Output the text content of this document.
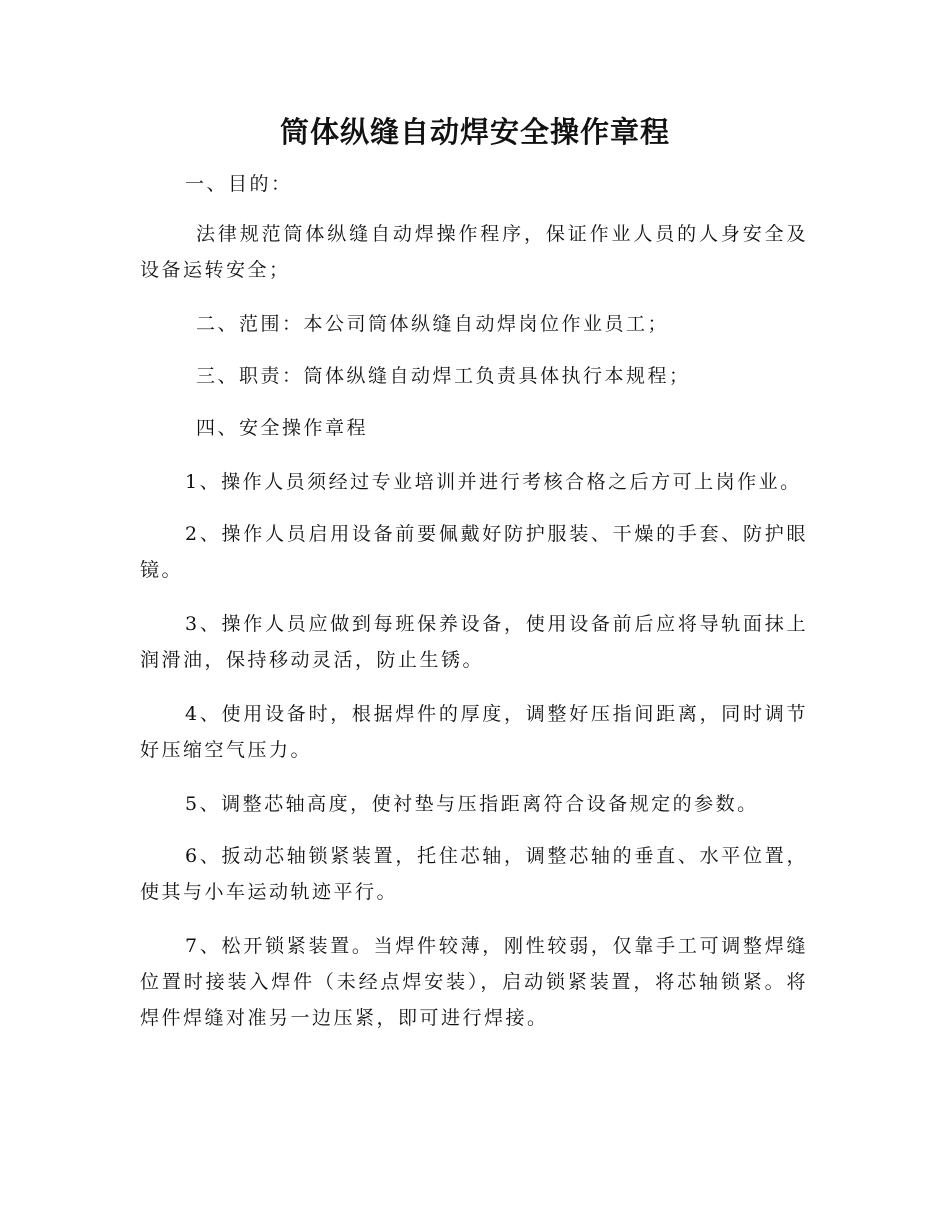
筒体纵缝自动焊安全操作章程

一、目的：

法律规范筒体纵缝自动焊操作程序，保证作业人员的人身安全及设备运转安全；

二、范围：本公司筒体纵缝自动焊岗位作业员工；

三、职责：筒体纵缝自动焊工负责具体执行本规程；

四、安全操作章程

1、操作人员须经过专业培训并进行考核合格之后方可上岗作业。

2、操作人员启用设备前要佩戴好防护服装、干燥的手套、防护眼镜。

3、操作人员应做到每班保养设备，使用设备前后应将导轨面抹上润滑油，保持移动灵活，防止生锈。

4、使用设备时，根据焊件的厚度，调整好压指间距离，同时调节好压缩空气压力。

5、调整芯轴高度，使衬垫与压指距离符合设备规定的参数。

6、扳动芯轴锁紧装置，托住芯轴，调整芯轴的垂直、水平位置，使其与小车运动轨迹平行。

7、松开锁紧装置。当焊件较薄，刚性较弱，仅靠手工可调整焊缝位置时接装入焊件（未经点焊安装），启动锁紧装置，将芯轴锁紧。将焊件焊缝对准另一边压紧，即可进行焊接。
